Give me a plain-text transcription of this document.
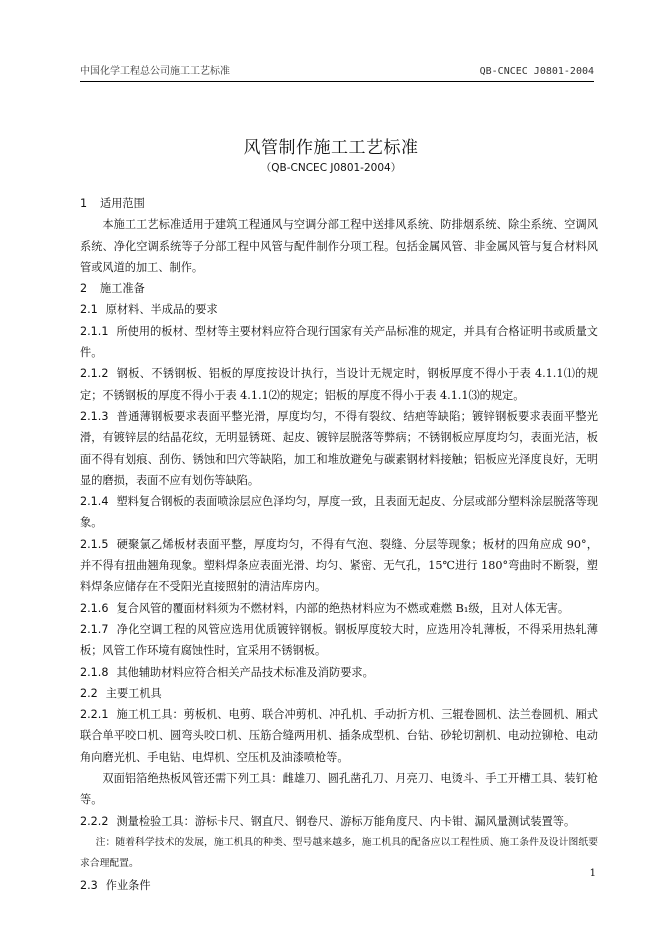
中国化学工程总公司施工工艺标准	QB-CNCEC J0801-2004
风管制作施工工艺标准
（QB-CNCEC J0801-2004）

1 适用范围

本施工工艺标准适用于建筑工程通风与空调分部工程中送排风系统、防排烟系统、除尘系统、空调风系统、净化空调系统等子分部工程中风管与配件制作分项工程。包括金属风管、非金属风管与复合材料风管或风道的加工、制作。

2 施工准备

2.1 原材料、半成品的要求

2.1.1 所使用的板材、型材等主要材料应符合现行国家有关产品标准的规定，并具有合格证明书或质量文件。

2.1.2 钢板、不锈钢板、铝板的厚度按设计执行，当设计无规定时，钢板厚度不得小于表 4.1.1⑴的规定；不锈钢板的厚度不得小于表 4.1.1⑵的规定；铝板的厚度不得小于表 4.1.1⑶的规定。

2.1.3 普通薄钢板要求表面平整光滑，厚度均匀，不得有裂纹、结疤等缺陷；镀锌钢板要求表面平整光滑，有镀锌层的结晶花纹，无明显锈斑、起皮、镀锌层脱落等弊病；不锈钢板应厚度均匀，表面光洁，板面不得有划痕、刮伤、锈蚀和凹穴等缺陷，加工和堆放避免与碳素钢材料接触；铝板应光泽度良好，无明显的磨损，表面不应有划伤等缺陷。

2.1.4 塑料复合钢板的表面喷涂层应色泽均匀，厚度一致，且表面无起皮、分层或部分塑料涂层脱落等现象。

2.1.5 硬聚氯乙烯板材表面平整，厚度均匀，不得有气泡、裂缝、分层等现象；板材的四角应成 90°，并不得有扭曲翘角现象。塑料焊条应表面光滑、均匀、紧密、无气孔，15℃进行 180°弯曲时不断裂，塑料焊条应储存在不受阳光直接照射的清洁库房内。

2.1.6 复合风管的覆面材料须为不燃材料，内部的绝热材料应为不燃或难燃 B₁级，且对人体无害。

2.1.7 净化空调工程的风管应选用优质镀锌钢板。钢板厚度较大时，应选用冷轧薄板，不得采用热轧薄板；风管工作环境有腐蚀性时，宜采用不锈钢板。

2.1.8 其他辅助材料应符合相关产品技术标准及消防要求。

2.2 主要工机具

2.2.1 施工机工具：剪板机、电剪、联合冲剪机、冲孔机、手动折方机、三辊卷圆机、法兰卷圆机、厢式联合单平咬口机、圆弯头咬口机、压筋合缝两用机、插条成型机、台钻、砂轮切割机、电动拉铆枪、电动角向磨光机、手电钻、电焊机、空压机及油漆喷枪等。

双面铝箔绝热板风管还需下列工具：雌雄刀、圆孔凿孔刀、月亮刀、电烫斗、手工开槽工具、装钉枪等。

2.2.2 测量检验工具：游标卡尺、钢直尺、钢卷尺、游标万能角度尺、内卡钳、漏风量测试装置等。

注：随着科学技术的发展，施工机具的种类、型号越来越多，施工机具的配备应以工程性质、施工条件及设计图纸要求合理配置。

2.3 作业条件

1
